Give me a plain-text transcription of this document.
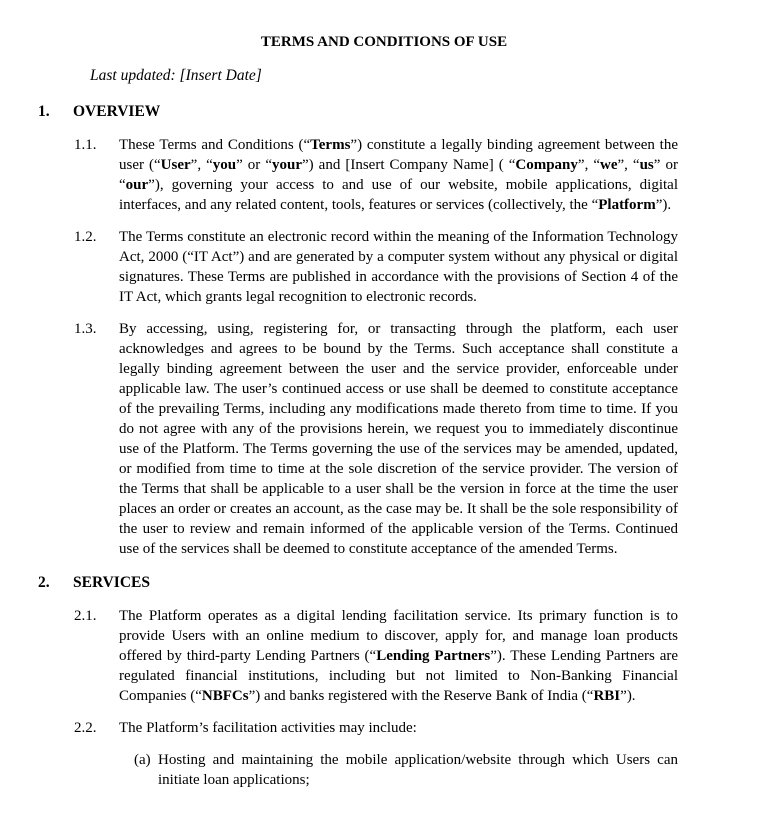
TERMS AND CONDITIONS OF USE
Last updated: [Insert Date]
1. OVERVIEW
1.1.	These Terms and Conditions (“Terms”) constitute a legally binding agreement between the user (“User”, “you” or “your”) and [Insert Company Name] ( “Company”, “we”, “us” or “our”), governing your access to and use of our website, mobile applications, digital interfaces, and any related content, tools, features or services (collectively, the “Platform”).
1.2.	The Terms constitute an electronic record within the meaning of the Information Technology Act, 2000 (“IT Act”) and are generated by a computer system without any physical or digital signatures. These Terms are published in accordance with the provisions of Section 4 of the IT Act, which grants legal recognition to electronic records.
1.3.	By accessing, using, registering for, or transacting through the platform, each user acknowledges and agrees to be bound by the Terms. Such acceptance shall constitute a legally binding agreement between the user and the service provider, enforceable under applicable law. The user’s continued access or use shall be deemed to constitute acceptance of the prevailing Terms, including any modifications made thereto from time to time. If you do not agree with any of the provisions herein, we request you to immediately discontinue use of the Platform. The Terms governing the use of the services may be amended, updated, or modified from time to time at the sole discretion of the service provider. The version of the Terms that shall be applicable to a user shall be the version in force at the time the user places an order or creates an account, as the case may be. It shall be the sole responsibility of the user to review and remain informed of the applicable version of the Terms. Continued use of the services shall be deemed to constitute acceptance of the amended Terms.
2. SERVICES
2.1.	The Platform operates as a digital lending facilitation service. Its primary function is to provide Users with an online medium to discover, apply for, and manage loan products offered by third-party Lending Partners (“Lending Partners”). These Lending Partners are regulated financial institutions, including but not limited to Non-Banking Financial Companies (“NBFCs”) and banks registered with the Reserve Bank of India (“RBI”).
2.2.	The Platform’s facilitation activities may include:
(a) Hosting and maintaining the mobile application/website through which Users can initiate loan applications;
